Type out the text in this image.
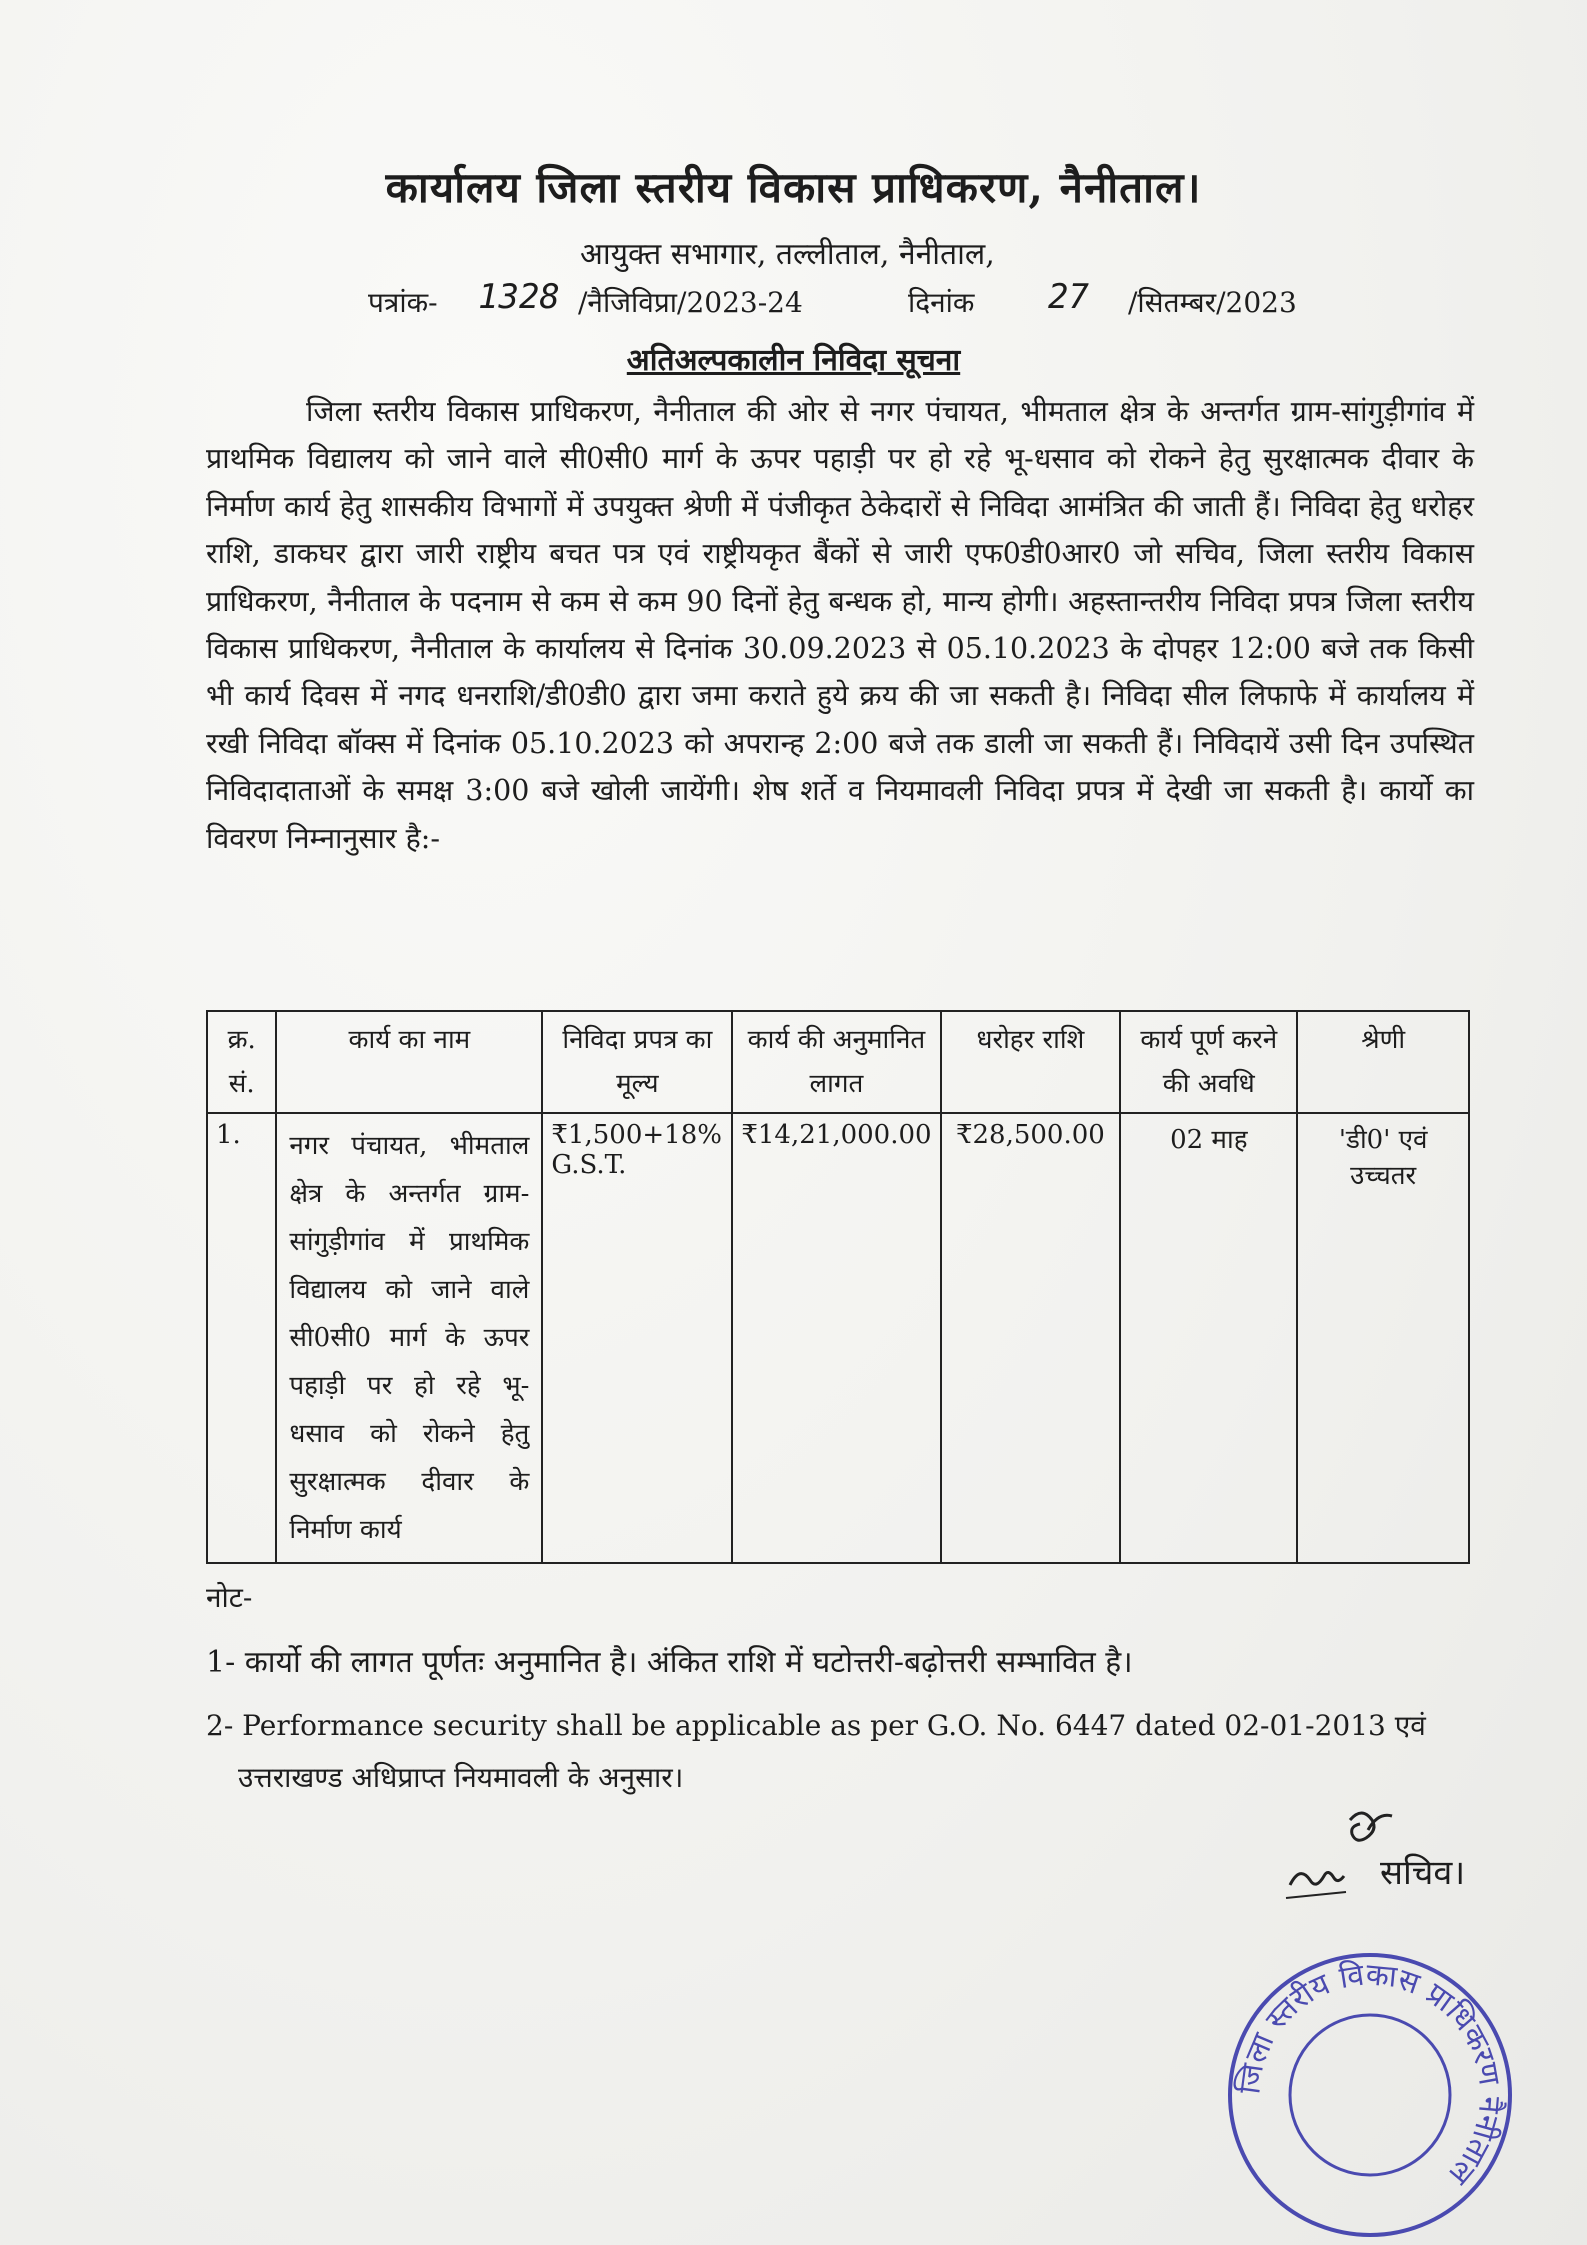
कार्यालय जिला स्तरीय विकास प्राधिकरण, नैनीताल।
आयुक्त सभागार, तल्लीताल, नैनीताल,
पत्रांक- 1328 /नैजिविप्रा/2023-24	दिनांक 27 /सितम्बर/2023
अतिअल्पकालीन निविदा सूचना
जिला स्तरीय विकास प्राधिकरण, नैनीताल की ओर से नगर पंचायत, भीमताल क्षेत्र के अन्तर्गत ग्राम-सांगुड़ीगांव में प्राथमिक विद्यालय को जाने वाले सी0सी0 मार्ग के ऊपर पहाड़ी पर हो रहे भू-धसाव को रोकने हेतु सुरक्षात्मक दीवार के निर्माण कार्य हेतु शासकीय विभागों में उपयुक्त श्रेणी में पंजीकृत ठेकेदारों से निविदा आमंत्रित की जाती हैं। निविदा हेतु धरोहर राशि, डाकघर द्वारा जारी राष्ट्रीय बचत पत्र एवं राष्ट्रीयकृत बैंकों से जारी एफ0डी0आर0 जो सचिव, जिला स्तरीय विकास प्राधिकरण, नैनीताल के पदनाम से कम से कम 90 दिनों हेतु बन्धक हो, मान्य होगी। अहस्तान्तरीय निविदा प्रपत्र जिला स्तरीय विकास प्राधिकरण, नैनीताल के कार्यालय से दिनांक 30.09.2023 से 05.10.2023 के दोपहर 12:00 बजे तक किसी भी कार्य दिवस में नगद धनराशि/डी0डी0 द्वारा जमा कराते हुये क्रय की जा सकती है। निविदा सील लिफाफे में कार्यालय में रखी निविदा बॉक्स में दिनांक 05.10.2023 को अपरान्ह 2:00 बजे तक डाली जा सकती हैं। निविदायें उसी दिन उपस्थित निविदादाताओं के समक्ष 3:00 बजे खोली जायेंगी। शेष शर्ते व नियमावली निविदा प्रपत्र में देखी जा सकती है। कार्यो का विवरण निम्नानुसार है:-
क्र. सं.	कार्य का नाम	निविदा प्रपत्र का मूल्य	कार्य की अनुमानित लागत	धरोहर राशि	कार्य पूर्ण करने की अवधि	श्रेणी
1.	नगर पंचायत, भीमताल क्षेत्र के अन्तर्गत ग्राम-सांगुड़ीगांव में प्राथमिक विद्यालय को जाने वाले सी0सी0 मार्ग के ऊपर पहाड़ी पर हो रहे भू-धसाव को रोकने हेतु सुरक्षात्मक दीवार के निर्माण कार्य	₹1,500+18% G.S.T.	₹14,21,000.00	₹28,500.00	02 माह	'डी0' एवं उच्चतर
नोट-
1- कार्यो की लागत पूर्णतः अनुमानित है। अंकित राशि में घटोत्तरी-बढ़ोत्तरी सम्भावित है।
2- Performance security shall be applicable as per G.O. No. 6447 dated 02-01-2013 एवं
उत्तराखण्ड अधिप्राप्त नियमावली के अनुसार।
सचिव।
जिला स्तरीय विकास प्राधिकरण नैनीताल
